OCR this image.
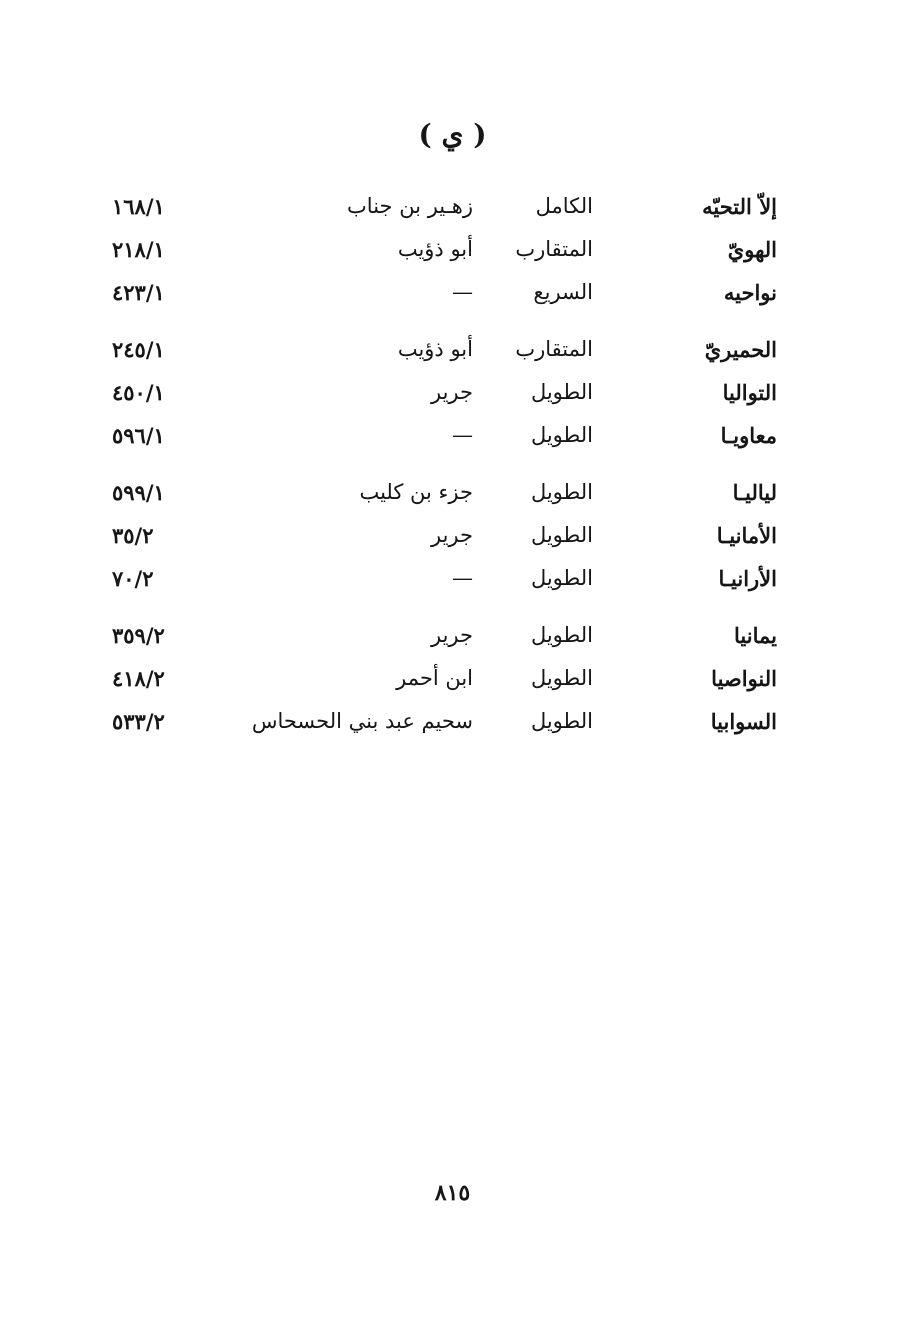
( ي )
إلاّ التحيّه
الكامل
زهـير بن جناب
١٦٨/١
الهويّ
المتقارب
أبو ذؤيب
٢١٨/١
نواحيه
السريع
—
٤٢٣/١
الحميريّ
المتقارب
أبو ذؤيب
٢٤٥/١
التواليا
الطويل
جرير
٤٥٠/١
معاويـا
الطويل
—
٥٩٦/١
لياليـا
الطويل
جزء بن كليب
٥٩٩/١
الأمانيـا
الطويل
جرير
٣٥/٢
الأرانيـا
الطويل
—
٧٠/٢
يمانيا
الطويل
جرير
٣٥٩/٢
النواصيا
الطويل
ابن أحمر
٤١٨/٢
السوابيا
الطويل
سحيم عبد بني الحسحاس
٥٣٣/٢
٨١٥
